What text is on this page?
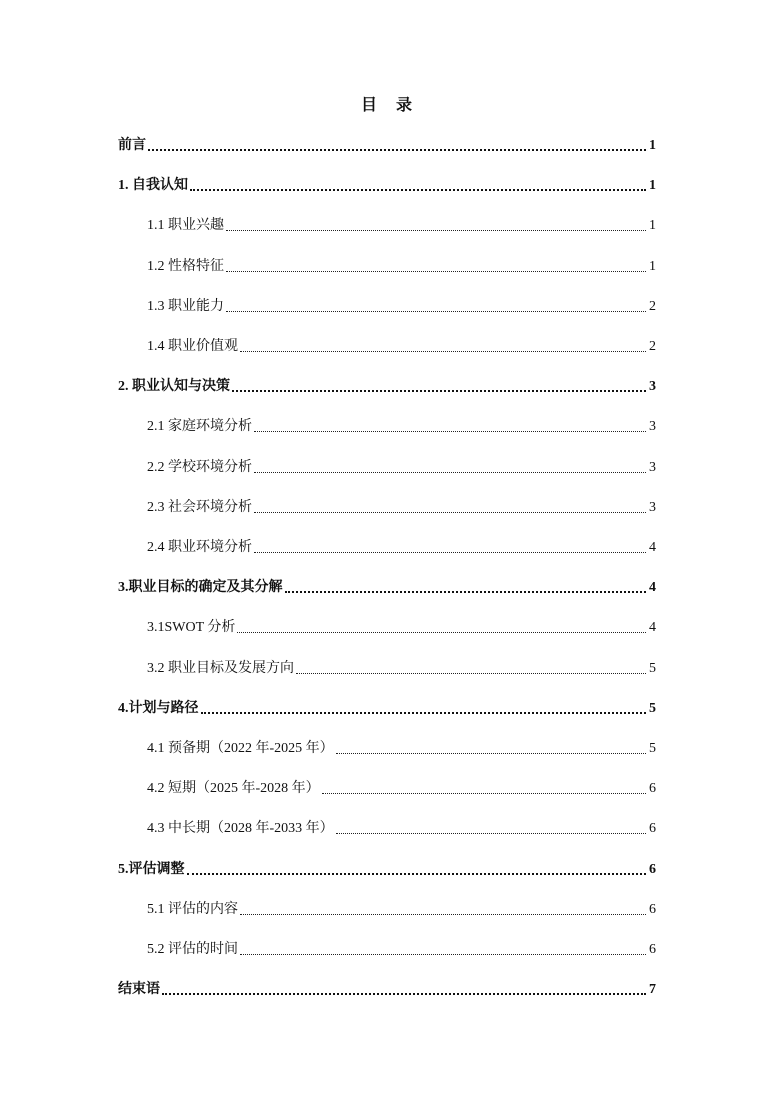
目 录
前言	1
1. 自我认知	1
1.1 职业兴趣	1
1.2 性格特征	1
1.3 职业能力	2
1.4 职业价值观	2
2. 职业认知与决策	3
2.1 家庭环境分析	3
2.2 学校环境分析	3
2.3 社会环境分析	3
2.4 职业环境分析	4
3.职业目标的确定及其分解	4
3.1SWOT 分析	4
3.2 职业目标及发展方向	5
4.计划与路径	5
4.1 预备期（2022 年-2025 年）	5
4.2 短期（2025 年-2028 年）	6
4.3 中长期（2028 年-2033 年）	6
5.评估调整	6
5.1 评估的内容	6
5.2 评估的时间	6
结束语	7
